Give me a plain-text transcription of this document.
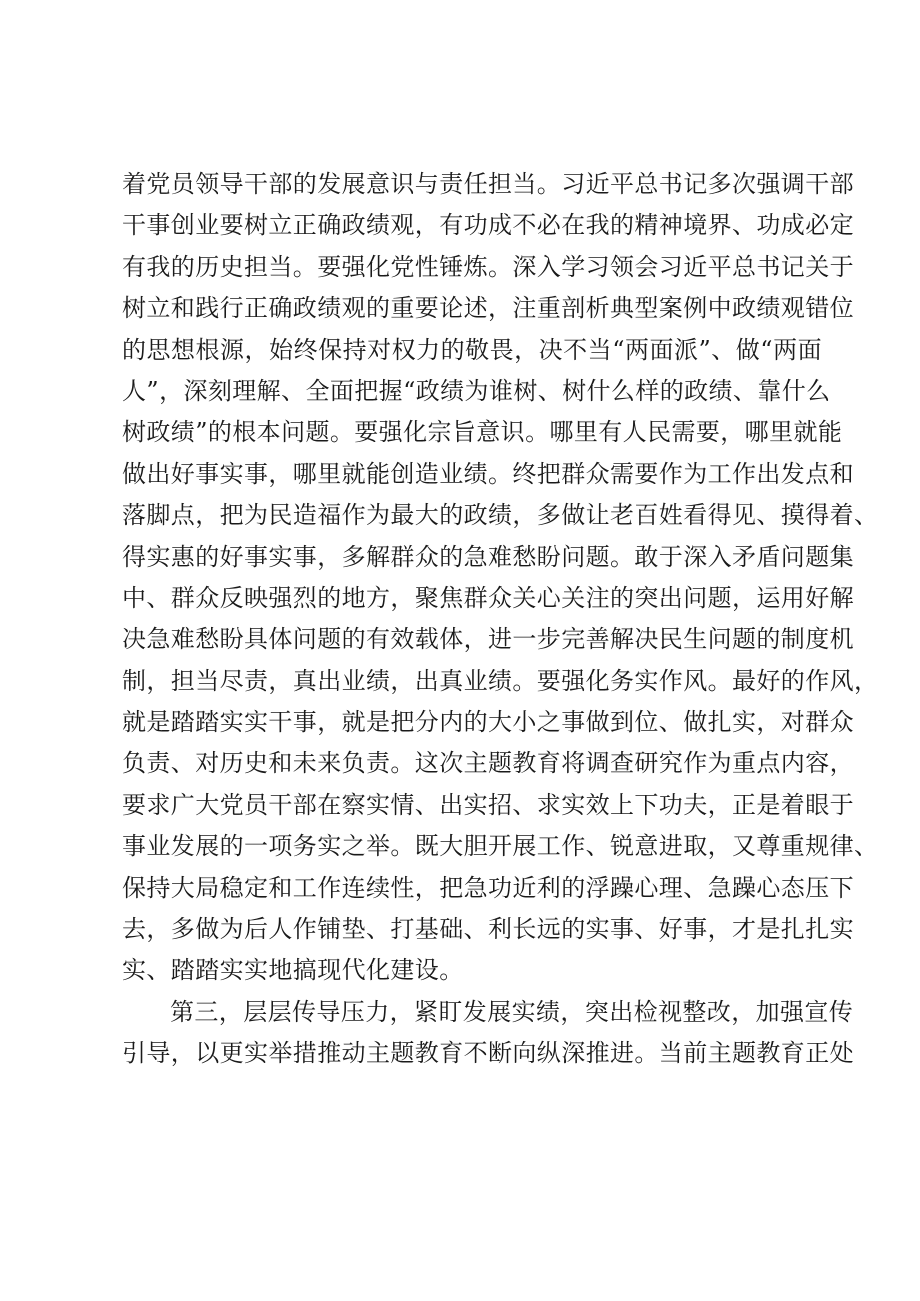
着党员领导干部的发展意识与责任担当。习近平总书记多次强调干部
干事创业要树立正确政绩观，有功成不必在我的精神境界、功成必定
有我的历史担当。要强化党性锤炼。深入学习领会习近平总书记关于
树立和践行正确政绩观的重要论述，注重剖析典型案例中政绩观错位
的思想根源，始终保持对权力的敬畏，决不当“两面派”、做“两面
人”，深刻理解、全面把握“政绩为谁树、树什么样的政绩、靠什么
树政绩”的根本问题。要强化宗旨意识。哪里有人民需要，哪里就能
做出好事实事，哪里就能创造业绩。终把群众需要作为工作出发点和
落脚点，把为民造福作为最大的政绩，多做让老百姓看得见、摸得着、
得实惠的好事实事，多解群众的急难愁盼问题。敢于深入矛盾问题集
中、群众反映强烈的地方，聚焦群众关心关注的突出问题，运用好解
决急难愁盼具体问题的有效载体，进一步完善解决民生问题的制度机
制，担当尽责，真出业绩，出真业绩。要强化务实作风。最好的作风，
就是踏踏实实干事，就是把分内的大小之事做到位、做扎实，对群众
负责、对历史和未来负责。这次主题教育将调查研究作为重点内容，
要求广大党员干部在察实情、出实招、求实效上下功夫，正是着眼于
事业发展的一项务实之举。既大胆开展工作、锐意进取，又尊重规律、
保持大局稳定和工作连续性，把急功近利的浮躁心理、急躁心态压下
去，多做为后人作铺垫、打基础、利长远的实事、好事，才是扎扎实
实、踏踏实实地搞现代化建设。
第三，层层传导压力，紧盯发展实绩，突出检视整改，加强宣传
引导，以更实举措推动主题教育不断向纵深推进。当前主题教育正处
